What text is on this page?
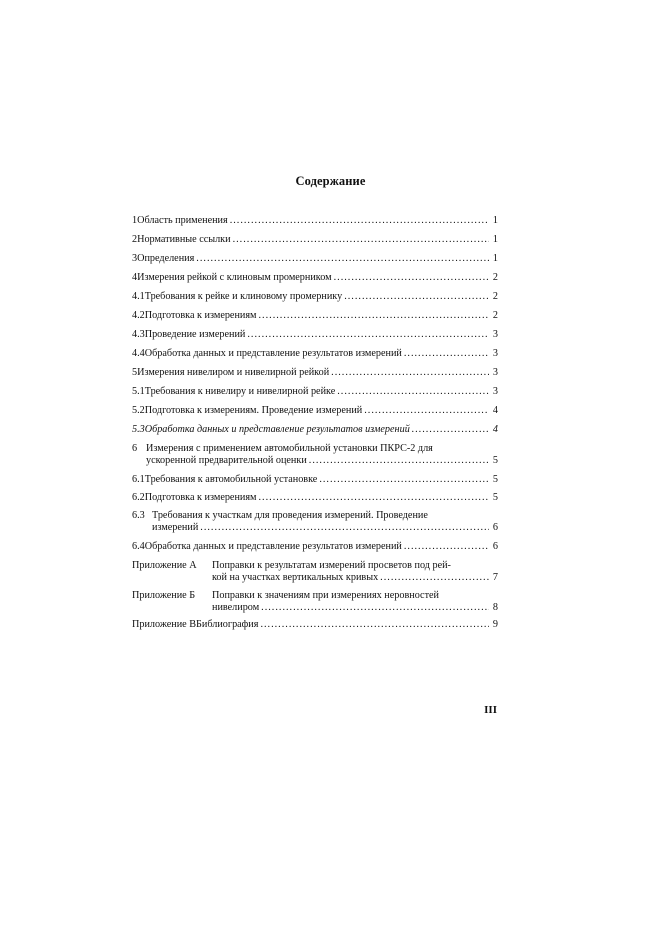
Содержание
1 Область применения .....	1
2 Нормативные ссылки .....	1
3 Определения .....	1
4 Измерения рейкой с клиновым промерником .....	2
4.1 Требования к рейке и клиновому промернику .....	2
4.2 Подготовка к измерениям .....	2
4.3 Проведение измерений .....	3
4.4 Обработка данных и представление результатов измерений .....	3
5 Измерения нивелиром и нивелирной рейкой .....	3
5.1 Требования к нивелиру и нивелирной рейке .....	3
5.2 Подготовка к измерениям. Проведение измерений .....	4
5.3 Обработка данных и представление результатов измерений .....	4
6 Измерения с применением автомобильной установки ПКРС-2 для
ускоренной предварительной оценки .....	5
6.1 Требования к автомобильной установке .....	5
6.2 Подготовка к измерениям .....	5
6.3 Требования к участкам для проведения измерений. Проведение
измерений .....	6
6.4 Обработка данных и представление результатов измерений .....	6
Приложение А	Поправки к результатам измерений просветов под рей-
кой на участках вертикальных кривых .....	7
Приложение Б	Поправки к значениям при измерениях неровностей
нивелиром .....	8
Приложение В Библиография .....	9
III
